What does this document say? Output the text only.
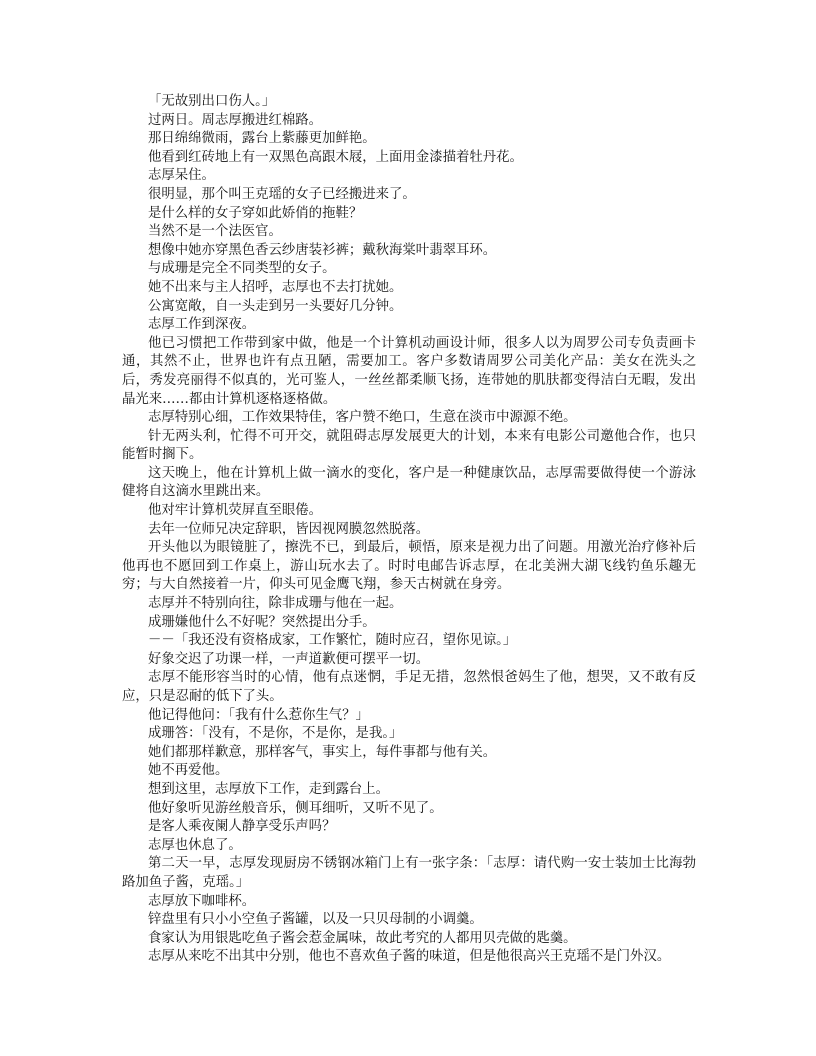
「无故别出口伤人。」

过两日。周志厚搬进红棉路。

那日绵绵微雨，露台上紫藤更加鲜艳。

他看到红砖地上有一双黑色高跟木屐，上面用金漆描着牡丹花。

志厚呆住。

很明显，那个叫王克瑶的女子已经搬进来了。

是什么样的女子穿如此娇俏的拖鞋？

当然不是一个法医官。

想像中她亦穿黑色香云纱唐装衫裤；戴秋海棠叶翡翠耳环。

与成珊是完全不同类型的女子。

她不出来与主人招呼，志厚也不去打扰她。

公寓宽敞，自一头走到另一头要好几分钟。

志厚工作到深夜。

他已习惯把工作带到家中做，他是一个计算机动画设计师，很多人以为周罗公司专负责画卡通，其然不止，世界也许有点丑陋，需要加工。客户多数请周罗公司美化产品：美女在洗头之后，秀发亮丽得不似真的，光可鉴人，一丝丝都柔顺飞扬，连带她的肌肤都变得洁白无暇，发出晶光来……都由计算机逐格逐格做。

志厚特别心细，工作效果特佳，客户赞不绝口，生意在淡市中源源不绝。

针无两头利，忙得不可开交，就阻碍志厚发展更大的计划，本来有电影公司邀他合作，也只能暂时搁下。

这天晚上，他在计算机上做一滴水的变化，客户是一种健康饮品，志厚需要做得使一个游泳健将自这滴水里跳出来。

他对牢计算机荧屏直至眼倦。

去年一位师兄决定辞职，皆因视网膜忽然脱落。

开头他以为眼镜脏了，擦洗不已，到最后，顿悟，原来是视力出了问题。用激光治疗修补后他再也不愿回到工作桌上，游山玩水去了。时时电邮告诉志厚，在北美洲大湖飞线钓鱼乐趣无穷；与大自然接着一片，仰头可见金鹰飞翔，参天古树就在身旁。

志厚并不特别向往，除非成珊与他在一起。

成珊嫌他什么不好呢？突然提出分手。

－－「我还没有资格成家，工作繁忙，随时应召，望你见谅。」

好象交迟了功课一样，一声道歉便可摆平一切。

志厚不能形容当时的心情，他有点迷惘，手足无措，忽然恨爸妈生了他，想哭，又不敢有反应，只是忍耐的低下了头。

他记得他问：「我有什么惹你生气？」

成珊答：「没有，不是你，不是你，是我。」

她们都那样歉意，那样客气，事实上，每件事都与他有关。

她不再爱他。

想到这里，志厚放下工作，走到露台上。

他好象听见游丝般音乐，侧耳细听，又听不见了。

是客人乘夜阑人静享受乐声吗？

志厚也休息了。

第二天一早，志厚发现厨房不锈钢冰箱门上有一张字条：「志厚：请代购一安士装加士比海勃路加鱼子酱，克瑶。」

志厚放下咖啡杯。

锌盘里有只小小空鱼子酱罐，以及一只贝母制的小调羹。

食家认为用银匙吃鱼子酱会惹金属味，故此考究的人都用贝壳做的匙羹。

志厚从来吃不出其中分别，他也不喜欢鱼子酱的味道，但是他很高兴王克瑶不是门外汉。
